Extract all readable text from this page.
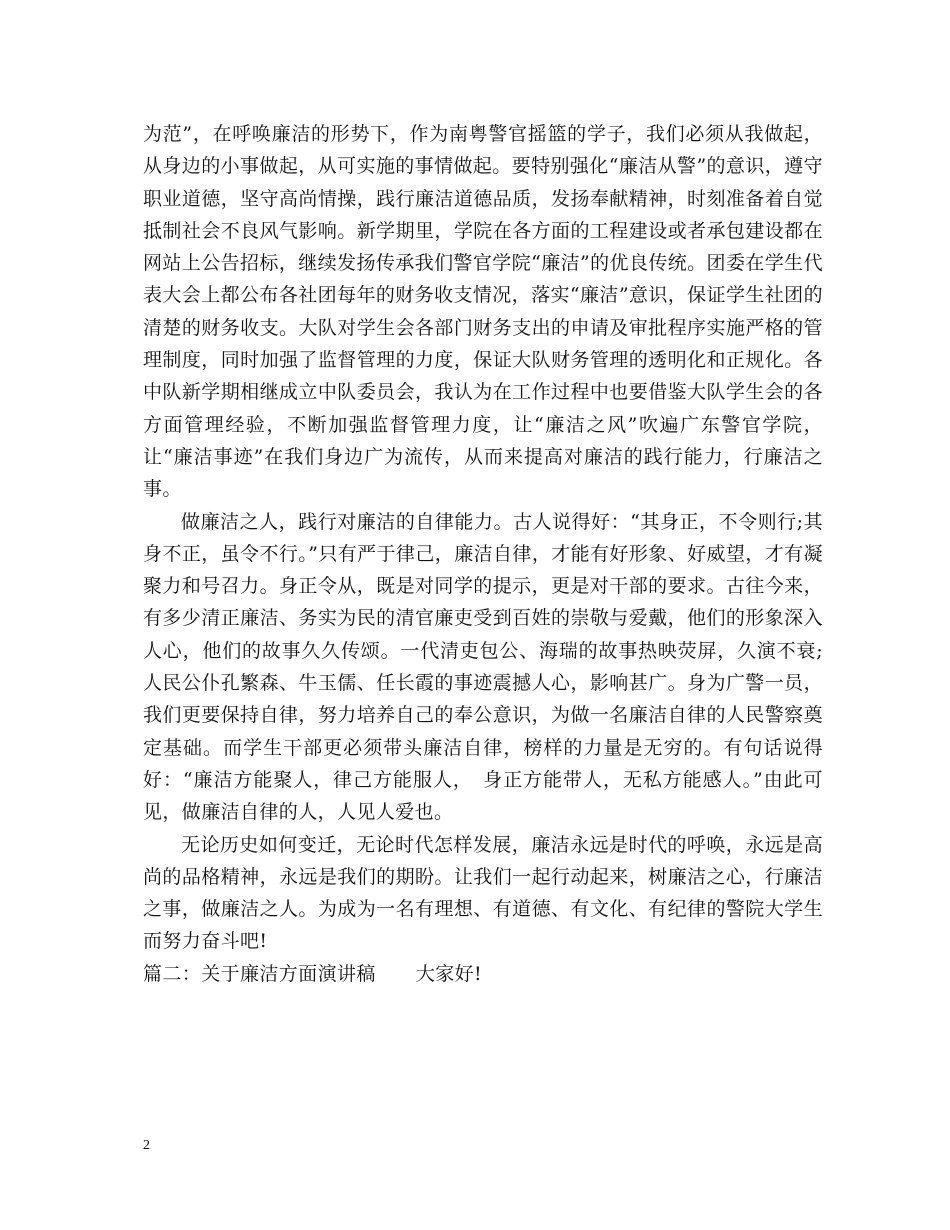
为范”，在呼唤廉洁的形势下，作为南粤警官摇篮的学子，我们必须从我做起，从身边的小事做起，从可实施的事情做起。要特别强化“廉洁从警”的意识，遵守职业道德，坚守高尚情操，践行廉洁道德品质，发扬奉献精神，时刻准备着自觉抵制社会不良风气影响。新学期里，学院在各方面的工程建设或者承包建设都在网站上公告招标，继续发扬传承我们警官学院“廉洁”的优良传统。团委在学生代表大会上都公布各社团每年的财务收支情况，落实“廉洁”意识，保证学生社团的清楚的财务收支。大队对学生会各部门财务支出的申请及审批程序实施严格的管理制度，同时加强了监督管理的力度，保证大队财务管理的透明化和正规化。各中队新学期相继成立中队委员会，我认为在工作过程中也要借鉴大队学生会的各方面管理经验，不断加强监督管理力度，让“廉洁之风”吹遍广东警官学院，让“廉洁事迹”在我们身边广为流传，从而来提高对廉洁的践行能力，行廉洁之事。

做廉洁之人，践行对廉洁的自律能力。古人说得好：“其身正，不令则行;其身不正，虽令不行。”只有严于律己，廉洁自律，才能有好形象、好威望，才有凝聚力和号召力。身正令从，既是对同学的提示，更是对干部的要求。古往今来，有多少清正廉洁、务实为民的清官廉吏受到百姓的崇敬与爱戴，他们的形象深入人心，他们的故事久久传颂。一代清吏包公、海瑞的故事热映荧屏，久演不衰;人民公仆孔繁森、牛玉儒、任长霞的事迹震撼人心，影响甚广。身为广警一员，我们更要保持自律，努力培养自己的奉公意识，为做一名廉洁自律的人民警察奠定基础。而学生干部更必须带头廉洁自律，榜样的力量是无穷的。有句话说得好：“廉洁方能聚人，律己方能服人，　身正方能带人，无私方能感人。”由此可见，做廉洁自律的人，人见人爱也。

无论历史如何变迁，无论时代怎样发展，廉洁永远是时代的呼唤，永远是高尚的品格精神，永远是我们的期盼。让我们一起行动起来，树廉洁之心，行廉洁之事，做廉洁之人。为成为一名有理想、有道德、有文化、有纪律的警院大学生而努力奋斗吧!

篇二：关于廉洁方面演讲稿 大家好!

2
